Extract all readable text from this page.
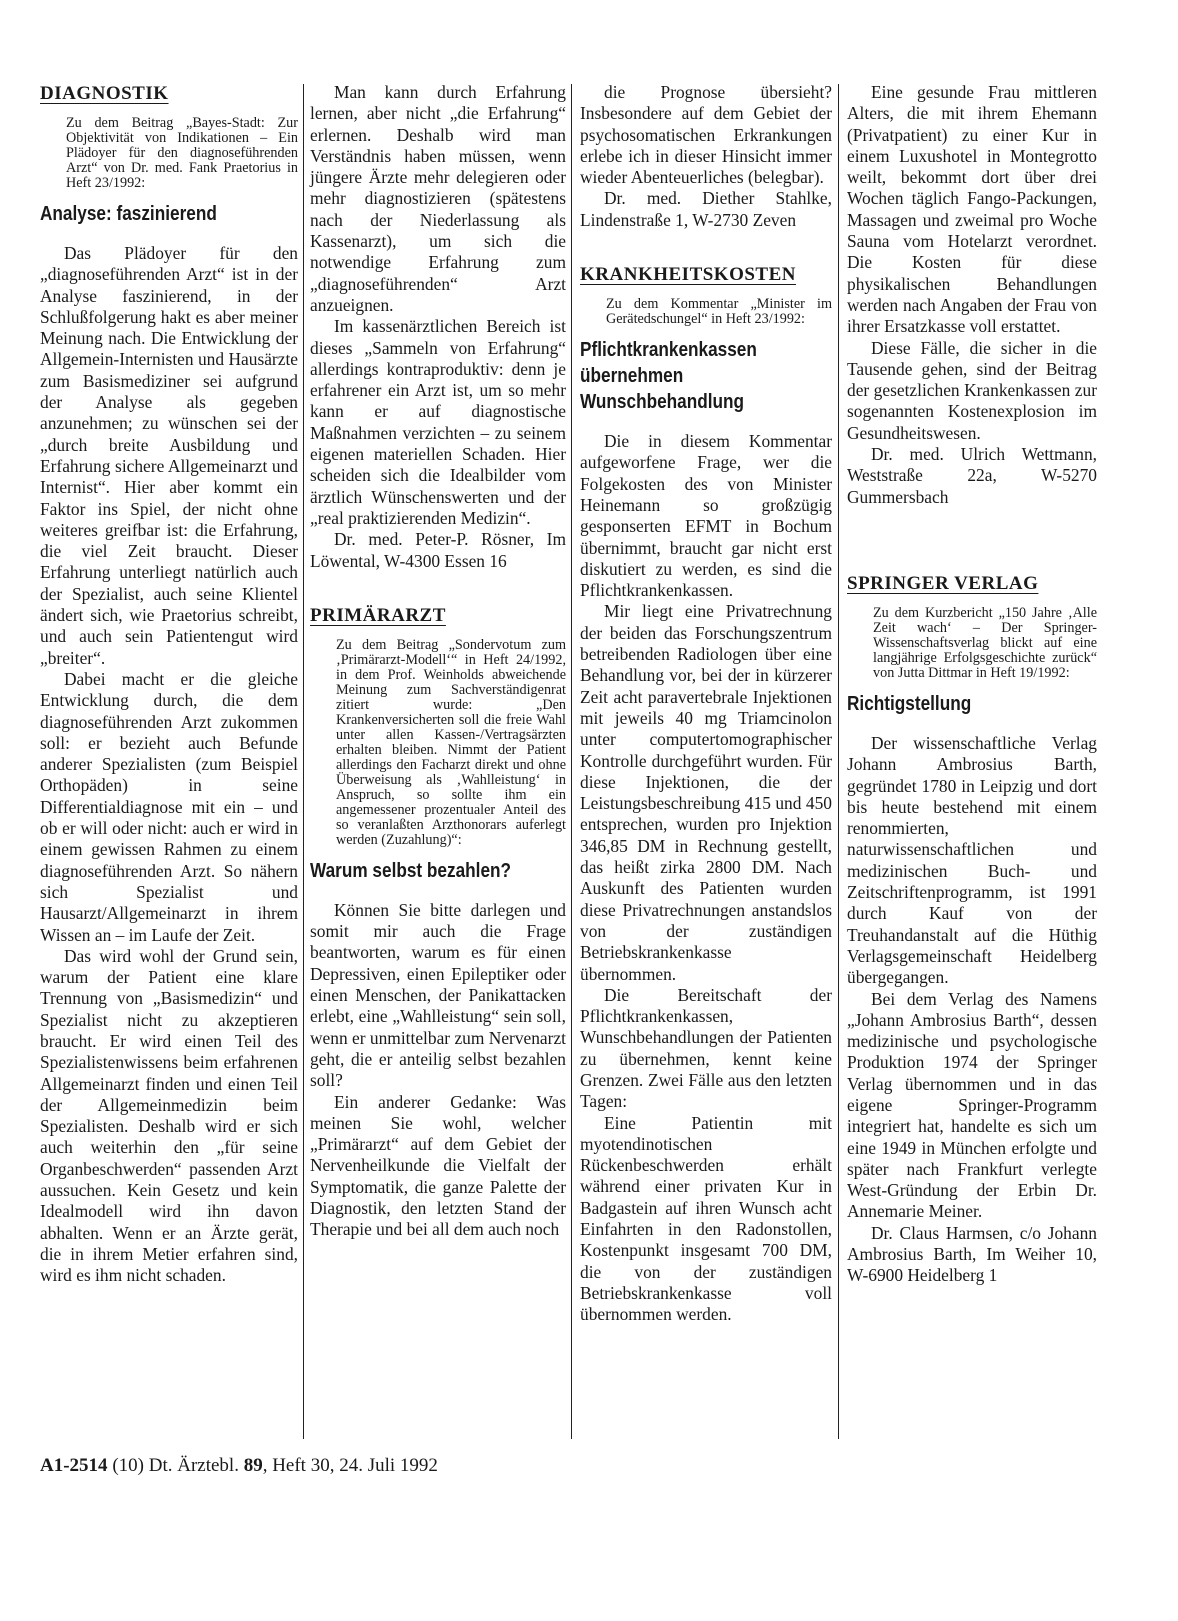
DIAGNOSTIK

Zu dem Beitrag „Bayes-Stadt: Zur Objektivität von Indikationen – Ein Plädoyer für den diagnoseführenden Arzt“ von Dr. med. Fank Praetorius in Heft 23/1992:

Analyse: faszinierend

Das Plädoyer für den „diagnoseführenden Arzt“ ist in der Analyse faszinierend, in der Schlußfolgerung hakt es aber meiner Meinung nach. Die Entwicklung der Allgemein-Internisten und Hausärzte zum Basismediziner sei aufgrund der Analyse als gegeben anzunehmen; zu wünschen sei der „durch breite Ausbildung und Erfahrung sichere Allgemeinarzt und Internist“. Hier aber kommt ein Faktor ins Spiel, der nicht ohne weiteres greifbar ist: die Erfahrung, die viel Zeit braucht. Dieser Erfahrung unterliegt natürlich auch der Spezialist, auch seine Klientel ändert sich, wie Praetorius schreibt, und auch sein Patientengut wird „breiter“.

Dabei macht er die gleiche Entwicklung durch, die dem diagnoseführenden Arzt zukommen soll: er bezieht auch Befunde anderer Spezialisten (zum Beispiel Orthopäden) in seine Differentialdiagnose mit ein – und ob er will oder nicht: auch er wird in einem gewissen Rahmen zu einem diagnoseführenden Arzt. So nähern sich Spezialist und Hausarzt/Allgemeinarzt in ihrem Wissen an – im Laufe der Zeit.

Das wird wohl der Grund sein, warum der Patient eine klare Trennung von „Basismedizin“ und Spezialist nicht zu akzeptieren braucht. Er wird einen Teil des Spezialistenwissens beim erfahrenen Allgemeinarzt finden und einen Teil der Allgemeinmedizin beim Spezialisten. Deshalb wird er sich auch weiterhin den „für seine Organbeschwerden“ passenden Arzt aussuchen. Kein Gesetz und kein Idealmodell wird ihn davon abhalten. Wenn er an Ärzte gerät, die in ihrem Metier erfahren sind, wird es ihm nicht schaden.

Man kann durch Erfahrung lernen, aber nicht „die Erfahrung“ erlernen. Deshalb wird man Verständnis haben müssen, wenn jüngere Ärzte mehr delegieren oder mehr diagnostizieren (spätestens nach der Niederlassung als Kassenarzt), um sich die notwendige Erfahrung zum „diagnoseführenden“ Arzt anzueignen.

Im kassenärztlichen Bereich ist dieses „Sammeln von Erfahrung“ allerdings kontraproduktiv: denn je erfahrener ein Arzt ist, um so mehr kann er auf diagnostische Maßnahmen verzichten – zu seinem eigenen materiellen Schaden. Hier scheiden sich die Idealbilder vom ärztlich Wünschenswerten und der „real praktizierenden Medizin“.

Dr. med. Peter-P. Rösner, Im Löwental, W-4300 Essen 16

PRIMÄRARZT

Zu dem Beitrag „Sondervotum zum ‚Primärarzt-Modell‘“ in Heft 24/1992, in dem Prof. Weinholds abweichende Meinung zum Sachverständigenrat zitiert wurde: „Den Krankenversicherten soll die freie Wahl unter allen Kassen-/Vertragsärzten erhalten bleiben. Nimmt der Patient allerdings den Facharzt direkt und ohne Überweisung als ‚Wahlleistung‘ in Anspruch, so sollte ihm ein angemessener prozentualer Anteil des so veranlaßten Arzthonorars auferlegt werden (Zuzahlung)“:

Warum selbst bezahlen?

Können Sie bitte darlegen und somit mir auch die Frage beantworten, warum es für einen Depressiven, einen Epileptiker oder einen Menschen, der Panikattacken erlebt, eine „Wahlleistung“ sein soll, wenn er unmittelbar zum Nervenarzt geht, die er anteilig selbst bezahlen soll?

Ein anderer Gedanke: Was meinen Sie wohl, welcher „Primärarzt“ auf dem Gebiet der Nervenheilkunde die Vielfalt der Symptomatik, die ganze Palette der Diagnostik, den letzten Stand der Therapie und bei all dem auch noch

die Prognose übersieht? Insbesondere auf dem Gebiet der psychosomatischen Erkrankungen erlebe ich in dieser Hinsicht immer wieder Abenteuerliches (belegbar).

Dr. med. Diether Stahlke, Lindenstraße 1, W-2730 Zeven

KRANKHEITSKOSTEN

Zu dem Kommentar „Minister im Gerätedschungel“ in Heft 23/1992:

Pflichtkrankenkassen
übernehmen
Wunschbehandlung

Die in diesem Kommentar aufgeworfene Frage, wer die Folgekosten des von Minister Heinemann so großzügig gesponserten EFMT in Bochum übernimmt, braucht gar nicht erst diskutiert zu werden, es sind die Pflichtkrankenkassen.

Mir liegt eine Privatrechnung der beiden das Forschungszentrum betreibenden Radiologen über eine Behandlung vor, bei der in kürzerer Zeit acht paravertebrale Injektionen mit jeweils 40 mg Triamcinolon unter computertomographischer Kontrolle durchgeführt wurden. Für diese Injektionen, die der Leistungsbeschreibung 415 und 450 entsprechen, wurden pro Injektion 346,85 DM in Rechnung gestellt, das heißt zirka 2800 DM. Nach Auskunft des Patienten wurden diese Privatrechnungen anstandslos von der zuständigen Betriebskrankenkasse übernommen.

Die Bereitschaft der Pflichtkrankenkassen, Wunschbehandlungen der Patienten zu übernehmen, kennt keine Grenzen. Zwei Fälle aus den letzten Tagen:

Eine Patientin mit myotendinotischen Rückenbeschwerden erhält während einer privaten Kur in Badgastein auf ihren Wunsch acht Einfahrten in den Radonstollen, Kostenpunkt insgesamt 700 DM, die von der zuständigen Betriebskrankenkasse voll übernommen werden.

Eine gesunde Frau mittleren Alters, die mit ihrem Ehemann (Privatpatient) zu einer Kur in einem Luxushotel in Montegrotto weilt, bekommt dort über drei Wochen täglich Fango-Packungen, Massagen und zweimal pro Woche Sauna vom Hotelarzt verordnet. Die Kosten für diese physikalischen Behandlungen werden nach Angaben der Frau von ihrer Ersatzkasse voll erstattet.

Diese Fälle, die sicher in die Tausende gehen, sind der Beitrag der gesetzlichen Krankenkassen zur sogenannten Kostenexplosion im Gesundheitswesen.

Dr. med. Ulrich Wettmann, Weststraße 22a, W-5270 Gummersbach

SPRINGER VERLAG

Zu dem Kurzbericht „150 Jahre ‚Alle Zeit wach‘ – Der Springer-Wissenschaftsverlag blickt auf eine langjährige Erfolgsgeschichte zurück“ von Jutta Dittmar in Heft 19/1992:

Richtigstellung

Der wissenschaftliche Verlag Johann Ambrosius Barth, gegründet 1780 in Leipzig und dort bis heute bestehend mit einem renommierten, naturwissenschaftlichen und medizinischen Buch- und Zeitschriftenprogramm, ist 1991 durch Kauf von der Treuhandanstalt auf die Hüthig Verlagsgemeinschaft Heidelberg übergegangen.

Bei dem Verlag des Namens „Johann Ambrosius Barth“, dessen medizinische und psychologische Produktion 1974 der Springer Verlag übernommen und in das eigene Springer-Programm integriert hat, handelte es sich um eine 1949 in München erfolgte und später nach Frankfurt verlegte West-Gründung der Erbin Dr. Annemarie Meiner.

Dr. Claus Harmsen, c/o Johann Ambrosius Barth, Im Weiher 10, W-6900 Heidelberg 1

A1-2514 (10) Dt. Ärztebl. 89, Heft 30, 24. Juli 1992
